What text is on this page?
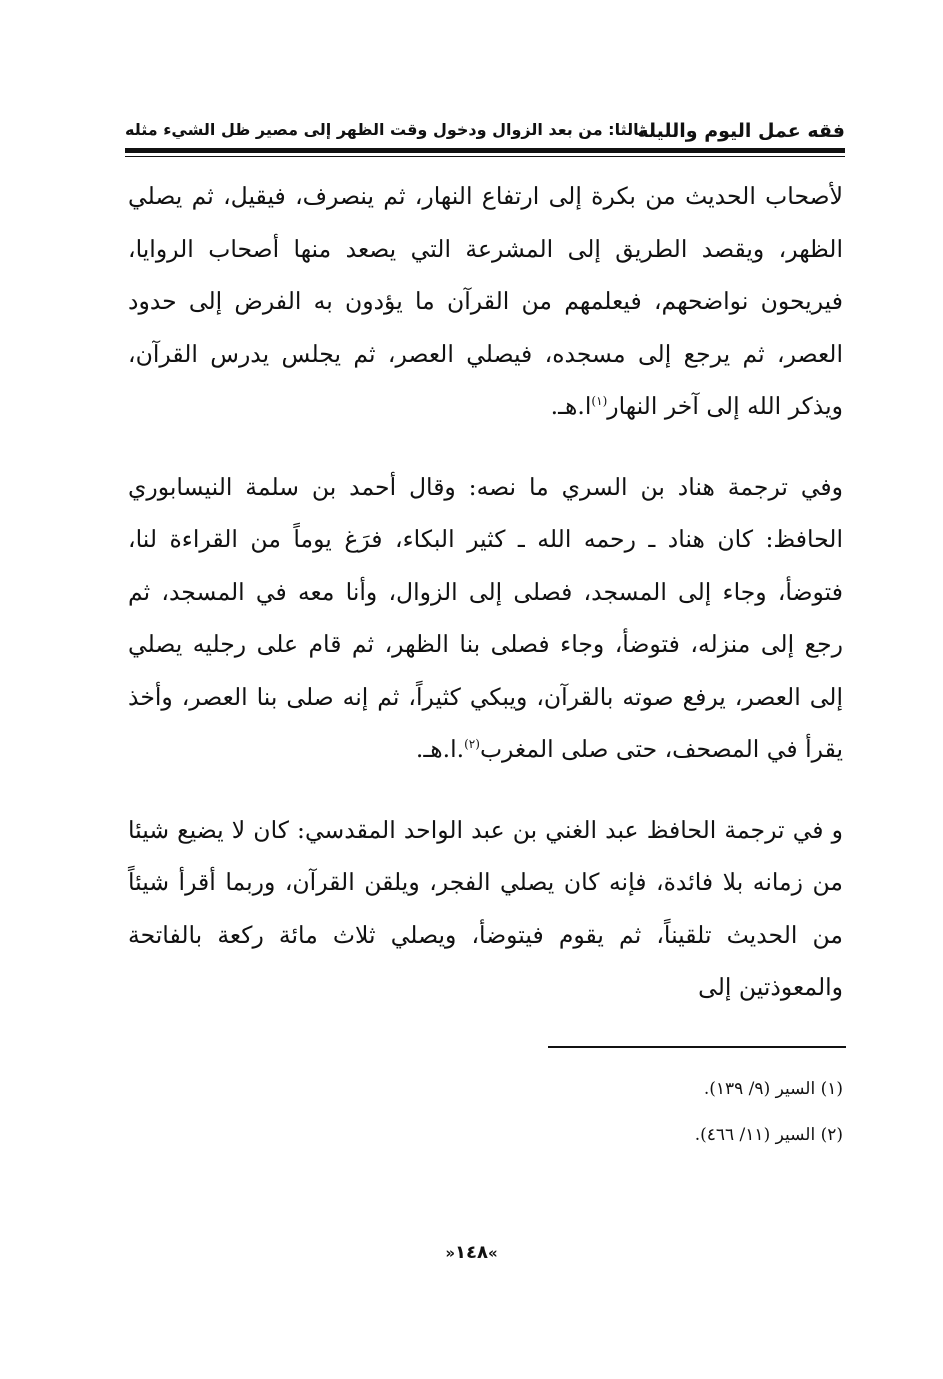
فقه عمل اليوم والليلة
ثالثا: من بعد الزوال ودخول وقت الظهر إلى مصير ظل الشيء مثله

لأصحاب الحديث من بكرة إلى ارتفاع النهار، ثم ينصرف، فيقيل، ثم يصلي الظهر، ويقصد الطريق إلى المشرعة التي يصعد منها أصحاب الروايا، فيريحون نواضحهم، فيعلمهم من القرآن ما يؤدون به الفرض إلى حدود العصر، ثم يرجع إلى مسجده، فيصلي العصر، ثم يجلس يدرس القرآن، ويذكر الله إلى آخر النهار$^{(١)}$ا.هـ.

وفي ترجمة هناد بن السري ما نصه: وقال أحمد بن سلمة النيسابوري الحافظ: كان هناد ـ رحمه الله ـ كثير البكاء، فرَغ يوماً من القراءة لنا، فتوضأ، وجاء إلى المسجد، فصلى إلى الزوال، وأنا معه في المسجد، ثم رجع إلى منزله، فتوضأ، وجاء فصلى بنا الظهر، ثم قام على رجليه يصلي إلى العصر، يرفع صوته بالقرآن، ويبكي كثيراً، ثم إنه صلى بنا العصر، وأخذ يقرأ في المصحف، حتى صلى المغرب$^{(٢)}$.ا.هـ.

و في ترجمة الحافظ عبد الغني بن عبد الواحد المقدسي: كان لا يضيع شيئا من زمانه بلا فائدة، فإنه كان يصلي الفجر، ويلقن القرآن، وربما أقرأ شيئاً من الحديث تلقيناً، ثم يقوم فيتوضأ، ويصلي ثلاث مائة ركعة بالفاتحة والمعوذتين إلى

(١) السير (٩/ ١٣٩).
(٢) السير (١١/ ٤٦٦).
»١٤٨«
